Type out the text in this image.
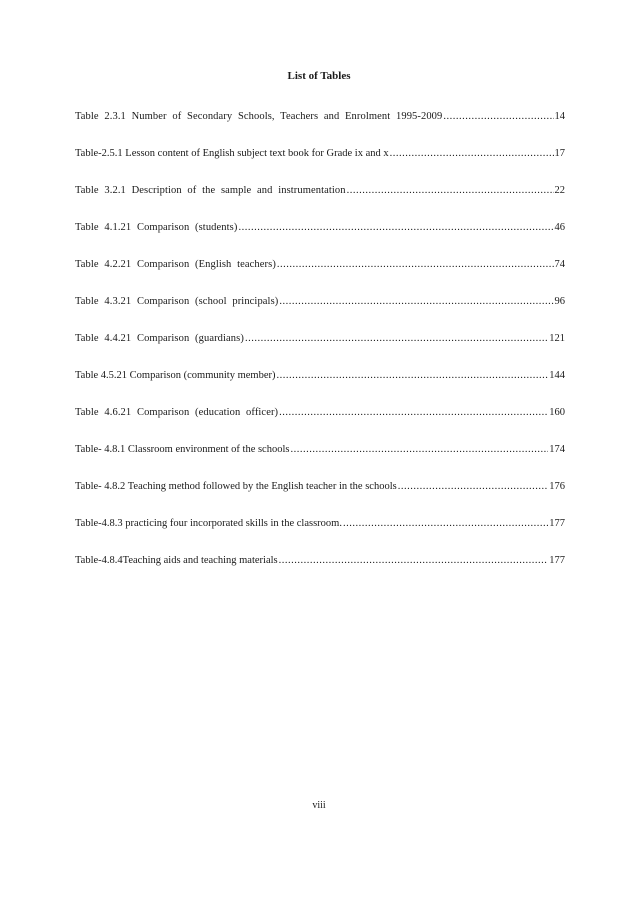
List of Tables
Table 2.3.1 Number of Secondary Schools, Teachers and Enrolment 1995-2009 .....	14
Table-2.5.1 Lesson content of English subject text book for Grade ix and x .....	17
Table 3.2.1 Description of the sample and instrumentation .....	22
Table 4.1.21 Comparison (students) .....	46
Table 4.2.21 Comparison (English teachers) .....	74
Table 4.3.21 Comparison (school principals) .....	96
Table 4.4.21 Comparison (guardians) .....	121
Table 4.5.21 Comparison (community member) .....	144
Table 4.6.21 Comparison (education officer) .....	160
Table- 4.8.1 Classroom environment of the schools .....	174
Table- 4.8.2 Teaching method followed by the English teacher in the schools .....	176
Table-4.8.3 practicing four incorporated skills in the classroom. .....	177
Table-4.8.4Teaching aids and teaching materials .....	177

viii
